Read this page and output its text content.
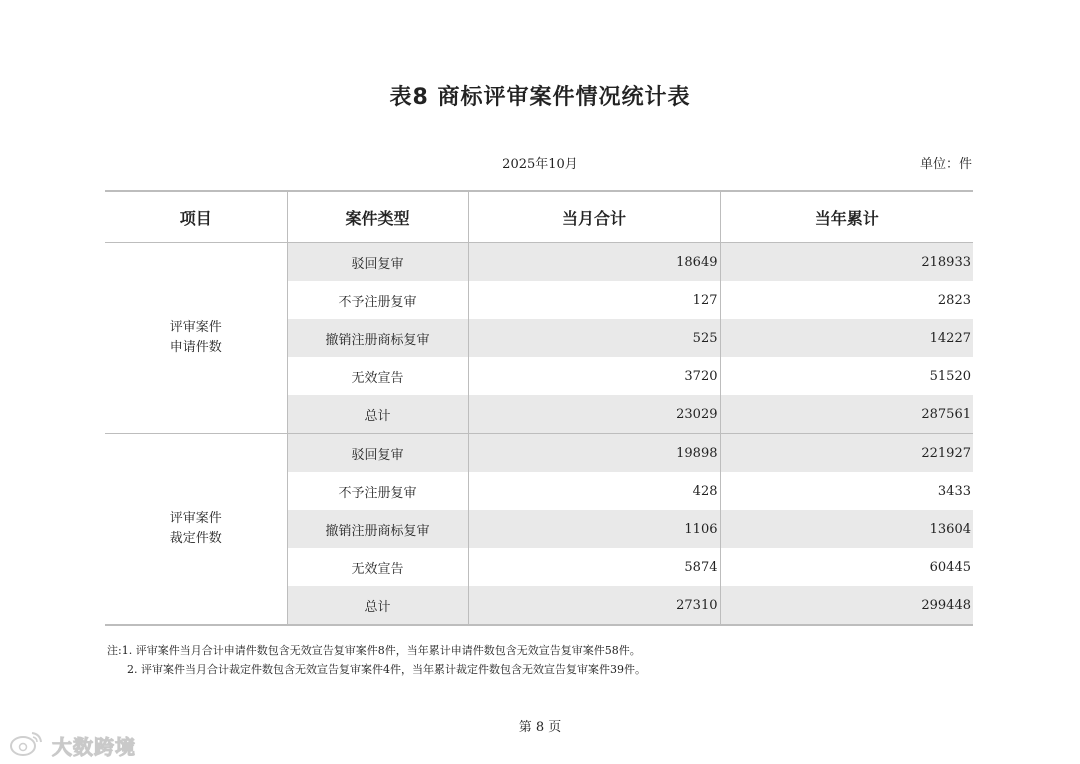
表8 商标评审案件情况统计表
2025年10月	单位：件
项目	案件类型	当月合计	当年累计

评审案件
申请件数	驳回复审	18649	218933
	不予注册复审	127	2823
	撤销注册商标复审	525	14227
	无效宣告	3720	51520
	总计	23029	287561

评审案件
裁定件数	驳回复审	19898	221927
	不予注册复审	428	3433
	撤销注册商标复审	1106	13604
	无效宣告	5874	60445
	总计	27310	299448
注:1. 评审案件当月合计申请件数包含无效宣告复审案件8件，当年累计申请件数包含无效宣告复审案件58件。
2. 评审案件当月合计裁定件数包含无效宣告复审案件4件，当年累计裁定件数包含无效宣告复审案件39件。
第 8 页
大数跨境
